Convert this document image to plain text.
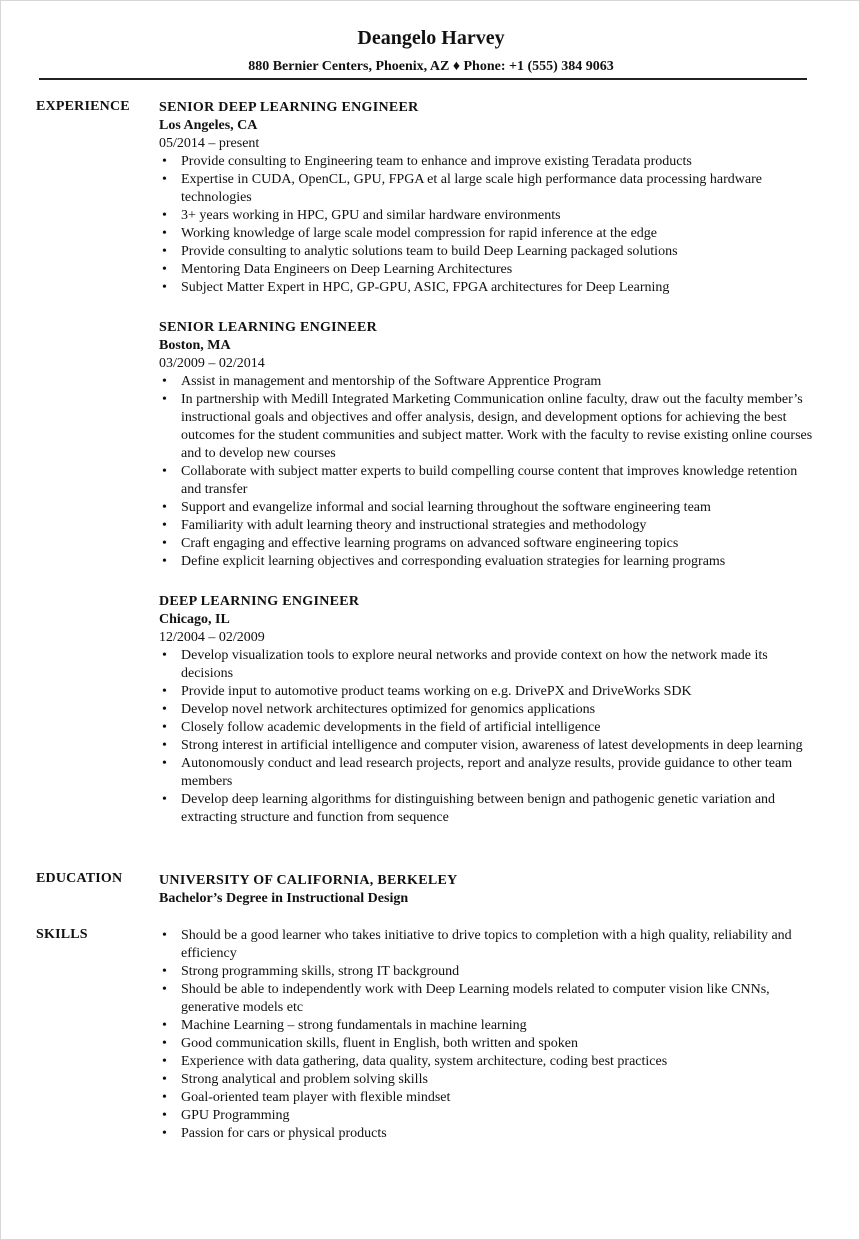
Deangelo Harvey
880 Bernier Centers, Phoenix, AZ ♦ Phone: +1 (555) 384 9063
EXPERIENCE SENIOR DEEP LEARNING ENGINEER
Los Angeles, CA
05/2014 – present
• Provide consulting to Engineering team to enhance and improve existing Teradata products
• Expertise in CUDA, OpenCL, GPU, FPGA et al large scale high performance data processing hardware technologies
• 3+ years working in HPC, GPU and similar hardware environments
• Working knowledge of large scale model compression for rapid inference at the edge
• Provide consulting to analytic solutions team to build Deep Learning packaged solutions
• Mentoring Data Engineers on Deep Learning Architectures
• Subject Matter Expert in HPC, GP-GPU, ASIC, FPGA architectures for Deep Learning
SENIOR LEARNING ENGINEER
Boston, MA
03/2009 – 02/2014
• Assist in management and mentorship of the Software Apprentice Program
• In partnership with Medill Integrated Marketing Communication online faculty, draw out the faculty member’s instructional goals and objectives and offer analysis, design, and development options for achieving the best outcomes for the student communities and subject matter. Work with the faculty to revise existing online courses and to develop new courses
• Collaborate with subject matter experts to build compelling course content that improves knowledge retention and transfer
• Support and evangelize informal and social learning throughout the software engineering team
• Familiarity with adult learning theory and instructional strategies and methodology
• Craft engaging and effective learning programs on advanced software engineering topics
• Define explicit learning objectives and corresponding evaluation strategies for learning programs
DEEP LEARNING ENGINEER
Chicago, IL
12/2004 – 02/2009
• Develop visualization tools to explore neural networks and provide context on how the network made its decisions
• Provide input to automotive product teams working on e.g. DrivePX and DriveWorks SDK
• Develop novel network architectures optimized for genomics applications
• Closely follow academic developments in the field of artificial intelligence
• Strong interest in artificial intelligence and computer vision, awareness of latest developments in deep learning
• Autonomously conduct and lead research projects, report and analyze results, provide guidance to other team members
• Develop deep learning algorithms for distinguishing between benign and pathogenic genetic variation and extracting structure and function from sequence
EDUCATION	UNIVERSITY OF CALIFORNIA, BERKELEY
Bachelor’s Degree in Instructional Design
SKILLS
•	Should be a good learner who takes initiative to drive topics to completion with a high quality, reliability and efficiency
• Strong programming skills, strong IT background
• Should be able to independently work with Deep Learning models related to computer vision like CNNs, generative models etc
• Machine Learning – strong fundamentals in machine learning
• Good communication skills, fluent in English, both written and spoken
• Experience with data gathering, data quality, system architecture, coding best practices
• Strong analytical and problem solving skills
• Goal-oriented team player with flexible mindset
• GPU Programming
• Passion for cars or physical products
